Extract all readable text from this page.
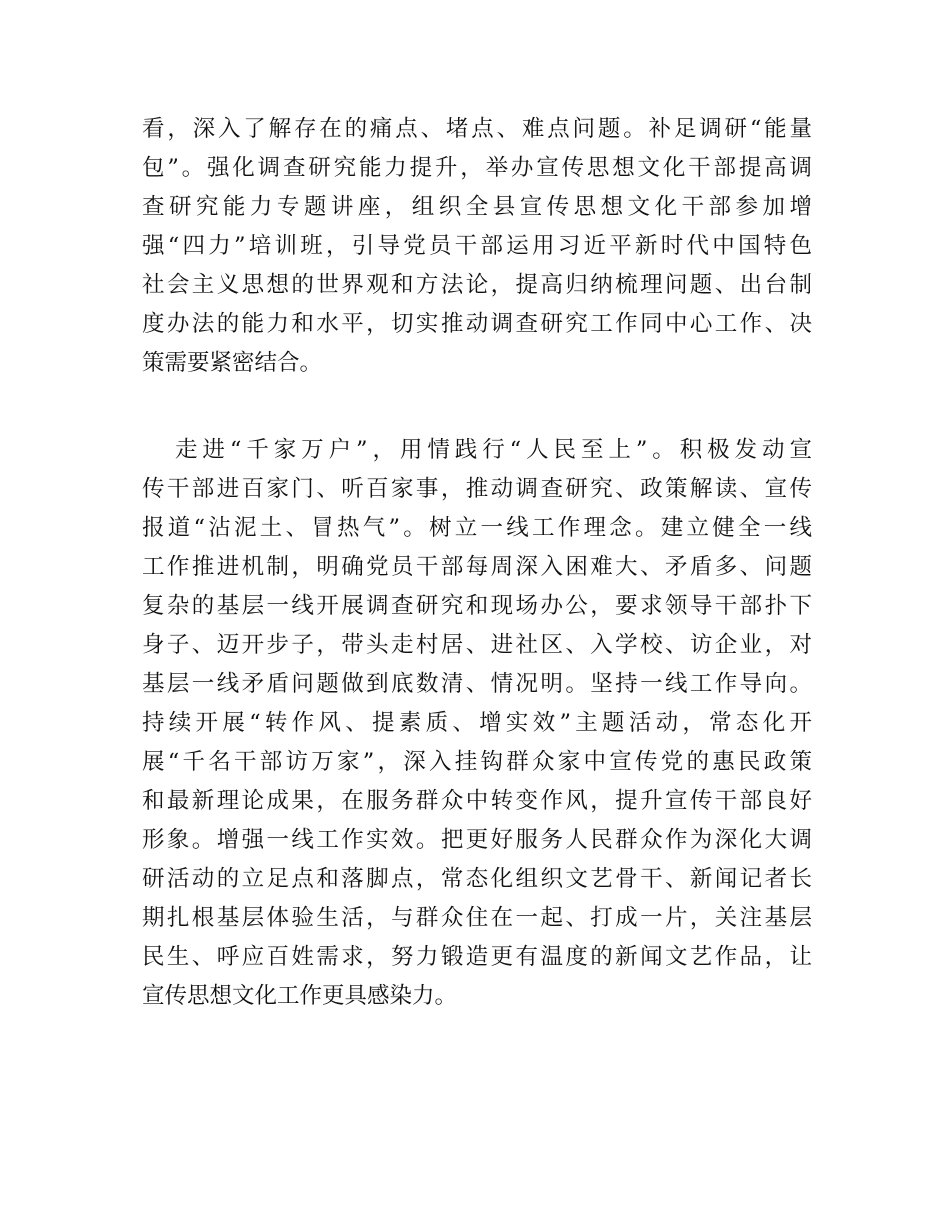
看，深入了解存在的痛点、堵点、难点问题。补足调研“能量
包”。强化调查研究能力提升，举办宣传思想文化干部提高调
查研究能力专题讲座，组织全县宣传思想文化干部参加增
强“四力”培训班，引导党员干部运用习近平新时代中国特色
社会主义思想的世界观和方法论，提高归纳梳理问题、出台制
度办法的能力和水平，切实推动调查研究工作同中心工作、决
策需要紧密结合。
走进“千家万户”，用情践行“人民至上”。积极发动宣
传干部进百家门、听百家事，推动调查研究、政策解读、宣传
报道“沾泥土、冒热气”。树立一线工作理念。建立健全一线
工作推进机制，明确党员干部每周深入困难大、矛盾多、问题
复杂的基层一线开展调查研究和现场办公，要求领导干部扑下
身子、迈开步子，带头走村居、进社区、入学校、访企业，对
基层一线矛盾问题做到底数清、情况明。坚持一线工作导向。
持续开展“转作风、提素质、增实效”主题活动，常态化开
展“千名干部访万家”，深入挂钩群众家中宣传党的惠民政策
和最新理论成果，在服务群众中转变作风，提升宣传干部良好
形象。增强一线工作实效。把更好服务人民群众作为深化大调
研活动的立足点和落脚点，常态化组织文艺骨干、新闻记者长
期扎根基层体验生活，与群众住在一起、打成一片，关注基层
民生、呼应百姓需求，努力锻造更有温度的新闻文艺作品，让
宣传思想文化工作更具感染力。
